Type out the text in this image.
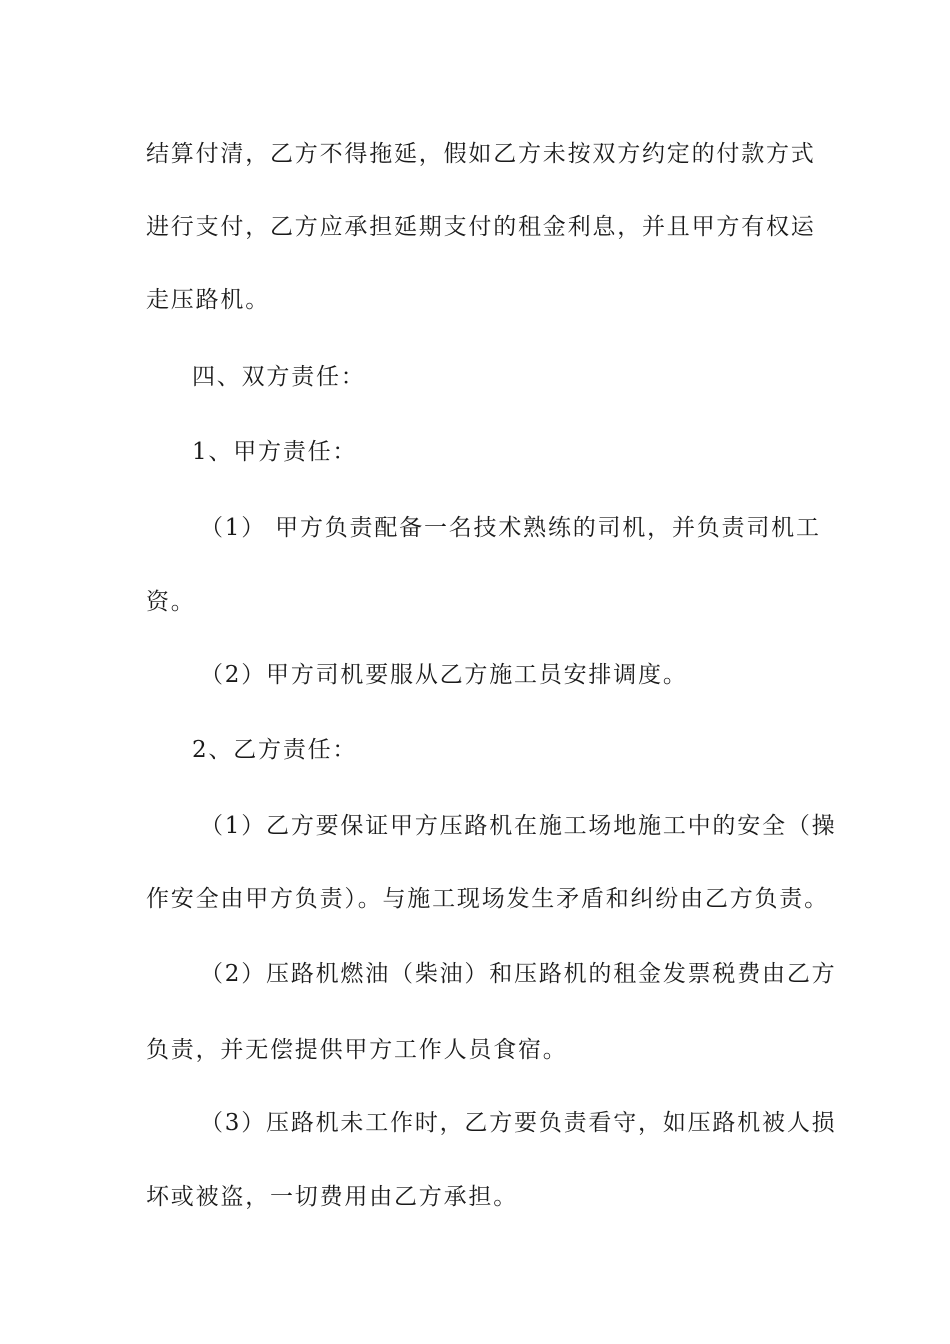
结算付清，乙方不得拖延，假如乙方未按双方约定的付款方式
进行支付，乙方应承担延期支付的租金利息，并且甲方有权运
走压路机。
四、双方责任：
1、甲方责任：
（1） 甲方负责配备一名技术熟练的司机，并负责司机工
资。
（2）甲方司机要服从乙方施工员安排调度。
2、乙方责任：
（1）乙方要保证甲方压路机在施工场地施工中的安全（操
作安全由甲方负责）。与施工现场发生矛盾和纠纷由乙方负责。
（2）压路机燃油（柴油）和压路机的租金发票税费由乙方
负责，并无偿提供甲方工作人员食宿。
（3）压路机未工作时，乙方要负责看守，如压路机被人损
坏或被盗，一切费用由乙方承担。
